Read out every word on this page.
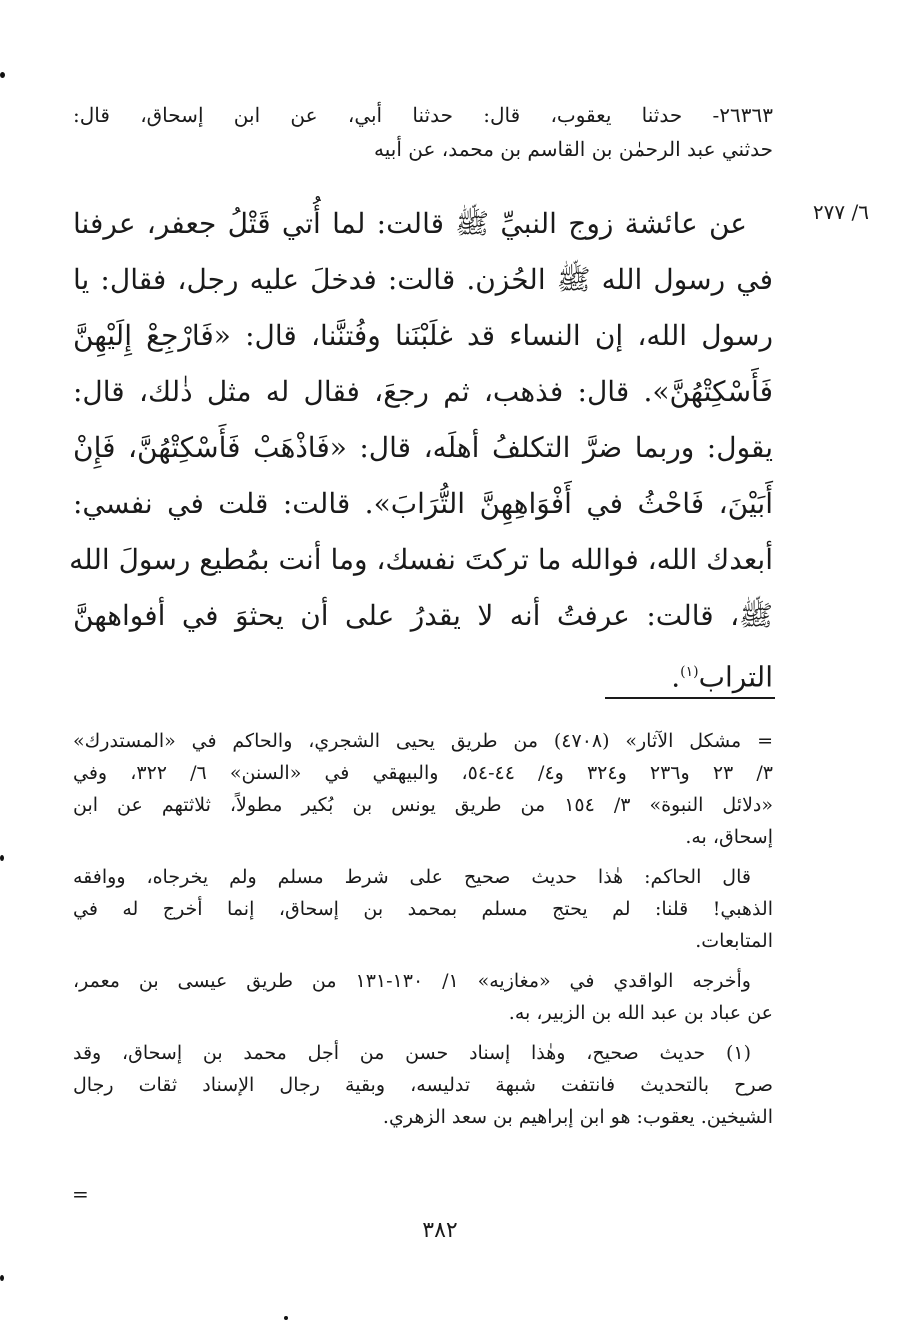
٢٦٣٦٣- حدثنا يعقوب، قال: حدثنا أبي، عن ابن إسحاق، قال:
حدثني عبد الرحمٰن بن القاسم بن محمد، عن أبيه
٦/ ٢٧٧
عن عائشة زوج النبيِّ ﷺ قالت: لما أُتي قَتْلُ جعفر، عرفنا
في رسول الله ﷺ الحُزن. قالت: فدخلَ عليه رجل، فقال: يا
رسول الله، إن النساء قد غلَبْنَنا وفُتنَّنا، قال: «فَارْجِعْ إِلَيْهِنَّ
فَأَسْكِتْهُنَّ». قال: فذهب، ثم رجعَ، فقال له مثل ذٰلك، قال:
يقول: وربما ضرَّ التكلفُ أهلَه، قال: «فَاذْهَبْ فَأَسْكِتْهُنَّ، فَإِنْ
أَبَيْنَ، فَاحْثُ في أَفْوَاهِهِنَّ التُّرَابَ». قالت: قلت في نفسي:
أبعدك الله، فوالله ما تركتَ نفسك، وما أنت بمُطيع رسولَ الله
ﷺ، قالت: عرفتُ أنه لا يقدرُ على أن يحثوَ في أفواههنَّ
التراب$^{(١)}$.
= مشكل الآثار» (٤٧٠٨) من طريق يحيى الشجري، والحاكم في «المستدرك»
٣/ ٢٣ و٢٣٦ و٣٢٤ و٤/ ٤٤-٥٤، والبيهقي في «السنن» ٦/ ٣٢٢، وفي
«دلائل النبوة» ٣/ ١٥٤ من طريق يونس بن بُكير مطولاً، ثلاثتهم عن ابن
إسحاق، به.
قال الحاكم: هٰذا حديث صحيح على شرط مسلم ولم يخرجاه، ووافقه
الذهبي! قلنا: لم يحتج مسلم بمحمد بن إسحاق، إنما أخرج له في
المتابعات.
وأخرجه الواقدي في «مغازيه» ١/ ١٣٠-١٣١ من طريق عيسى بن معمر،
عن عباد بن عبد الله بن الزبير، به.
(١) حديث صحيح، وهٰذا إسناد حسن من أجل محمد بن إسحاق، وقد
صرح بالتحديث فانتفت شبهة تدليسه، وبقية رجال الإسناد ثقات رجال
الشيخين. يعقوب: هو ابن إبراهيم بن سعد الزهري.
=
٣٨٢
